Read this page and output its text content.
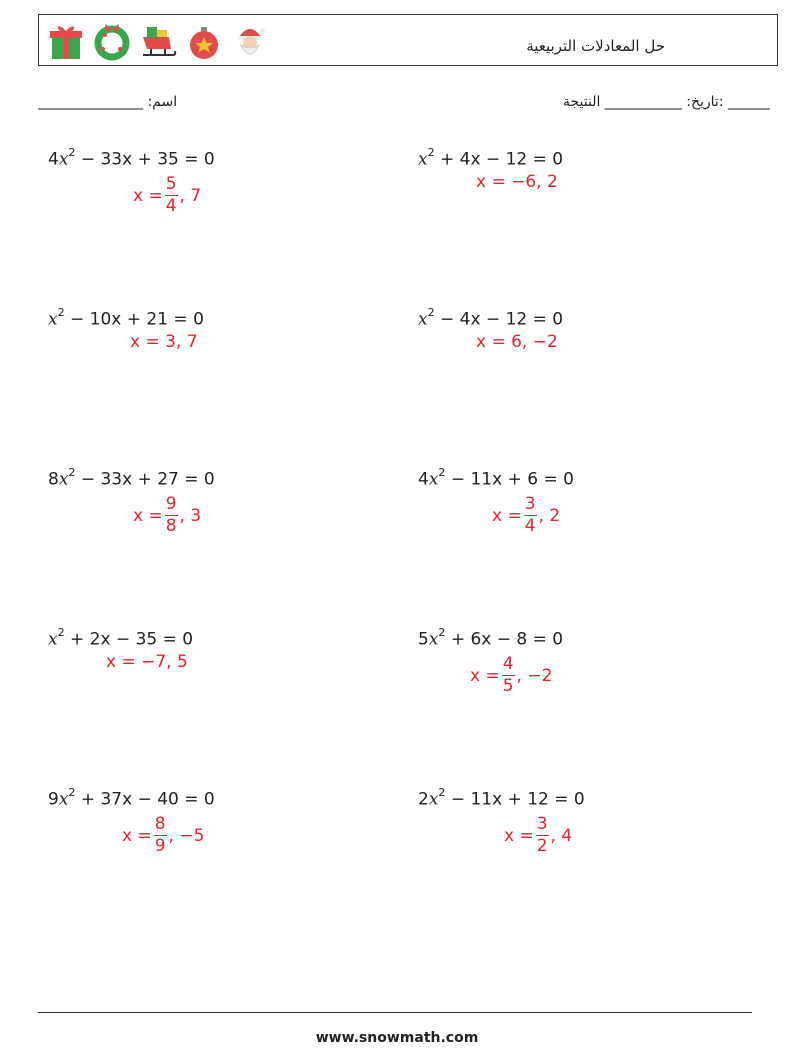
حل المعادلات التربيعية
اسم: _______________	______ :تاريخ: ___________ النتيجة
$4x^2 - 33x + 35 = 0$
$x = \frac{5}{4}$ , 7
$x^2 + 4x - 12 = 0$
x = −6, 2
$x^2 - 10x + 21 = 0$
x = 3, 7
$x^2 - 4x - 12 = 0$
x = 6, −2
$8x^2 - 33x + 27 = 0$
$x = \frac{9}{8}$ , 3
$4x^2 - 11x + 6 = 0$
$x = \frac{3}{4}$ , 2
$x^2 + 2x - 35 = 0$
x = −7, 5
$5x^2 + 6x - 8 = 0$
$x = \frac{4}{5}$ , −2
$9x^2 + 37x - 40 = 0$
$x = \frac{8}{9}$ , −5
$2x^2 - 11x + 12 = 0$
$x = \frac{3}{2}$ , 4
www.snowmath.com
